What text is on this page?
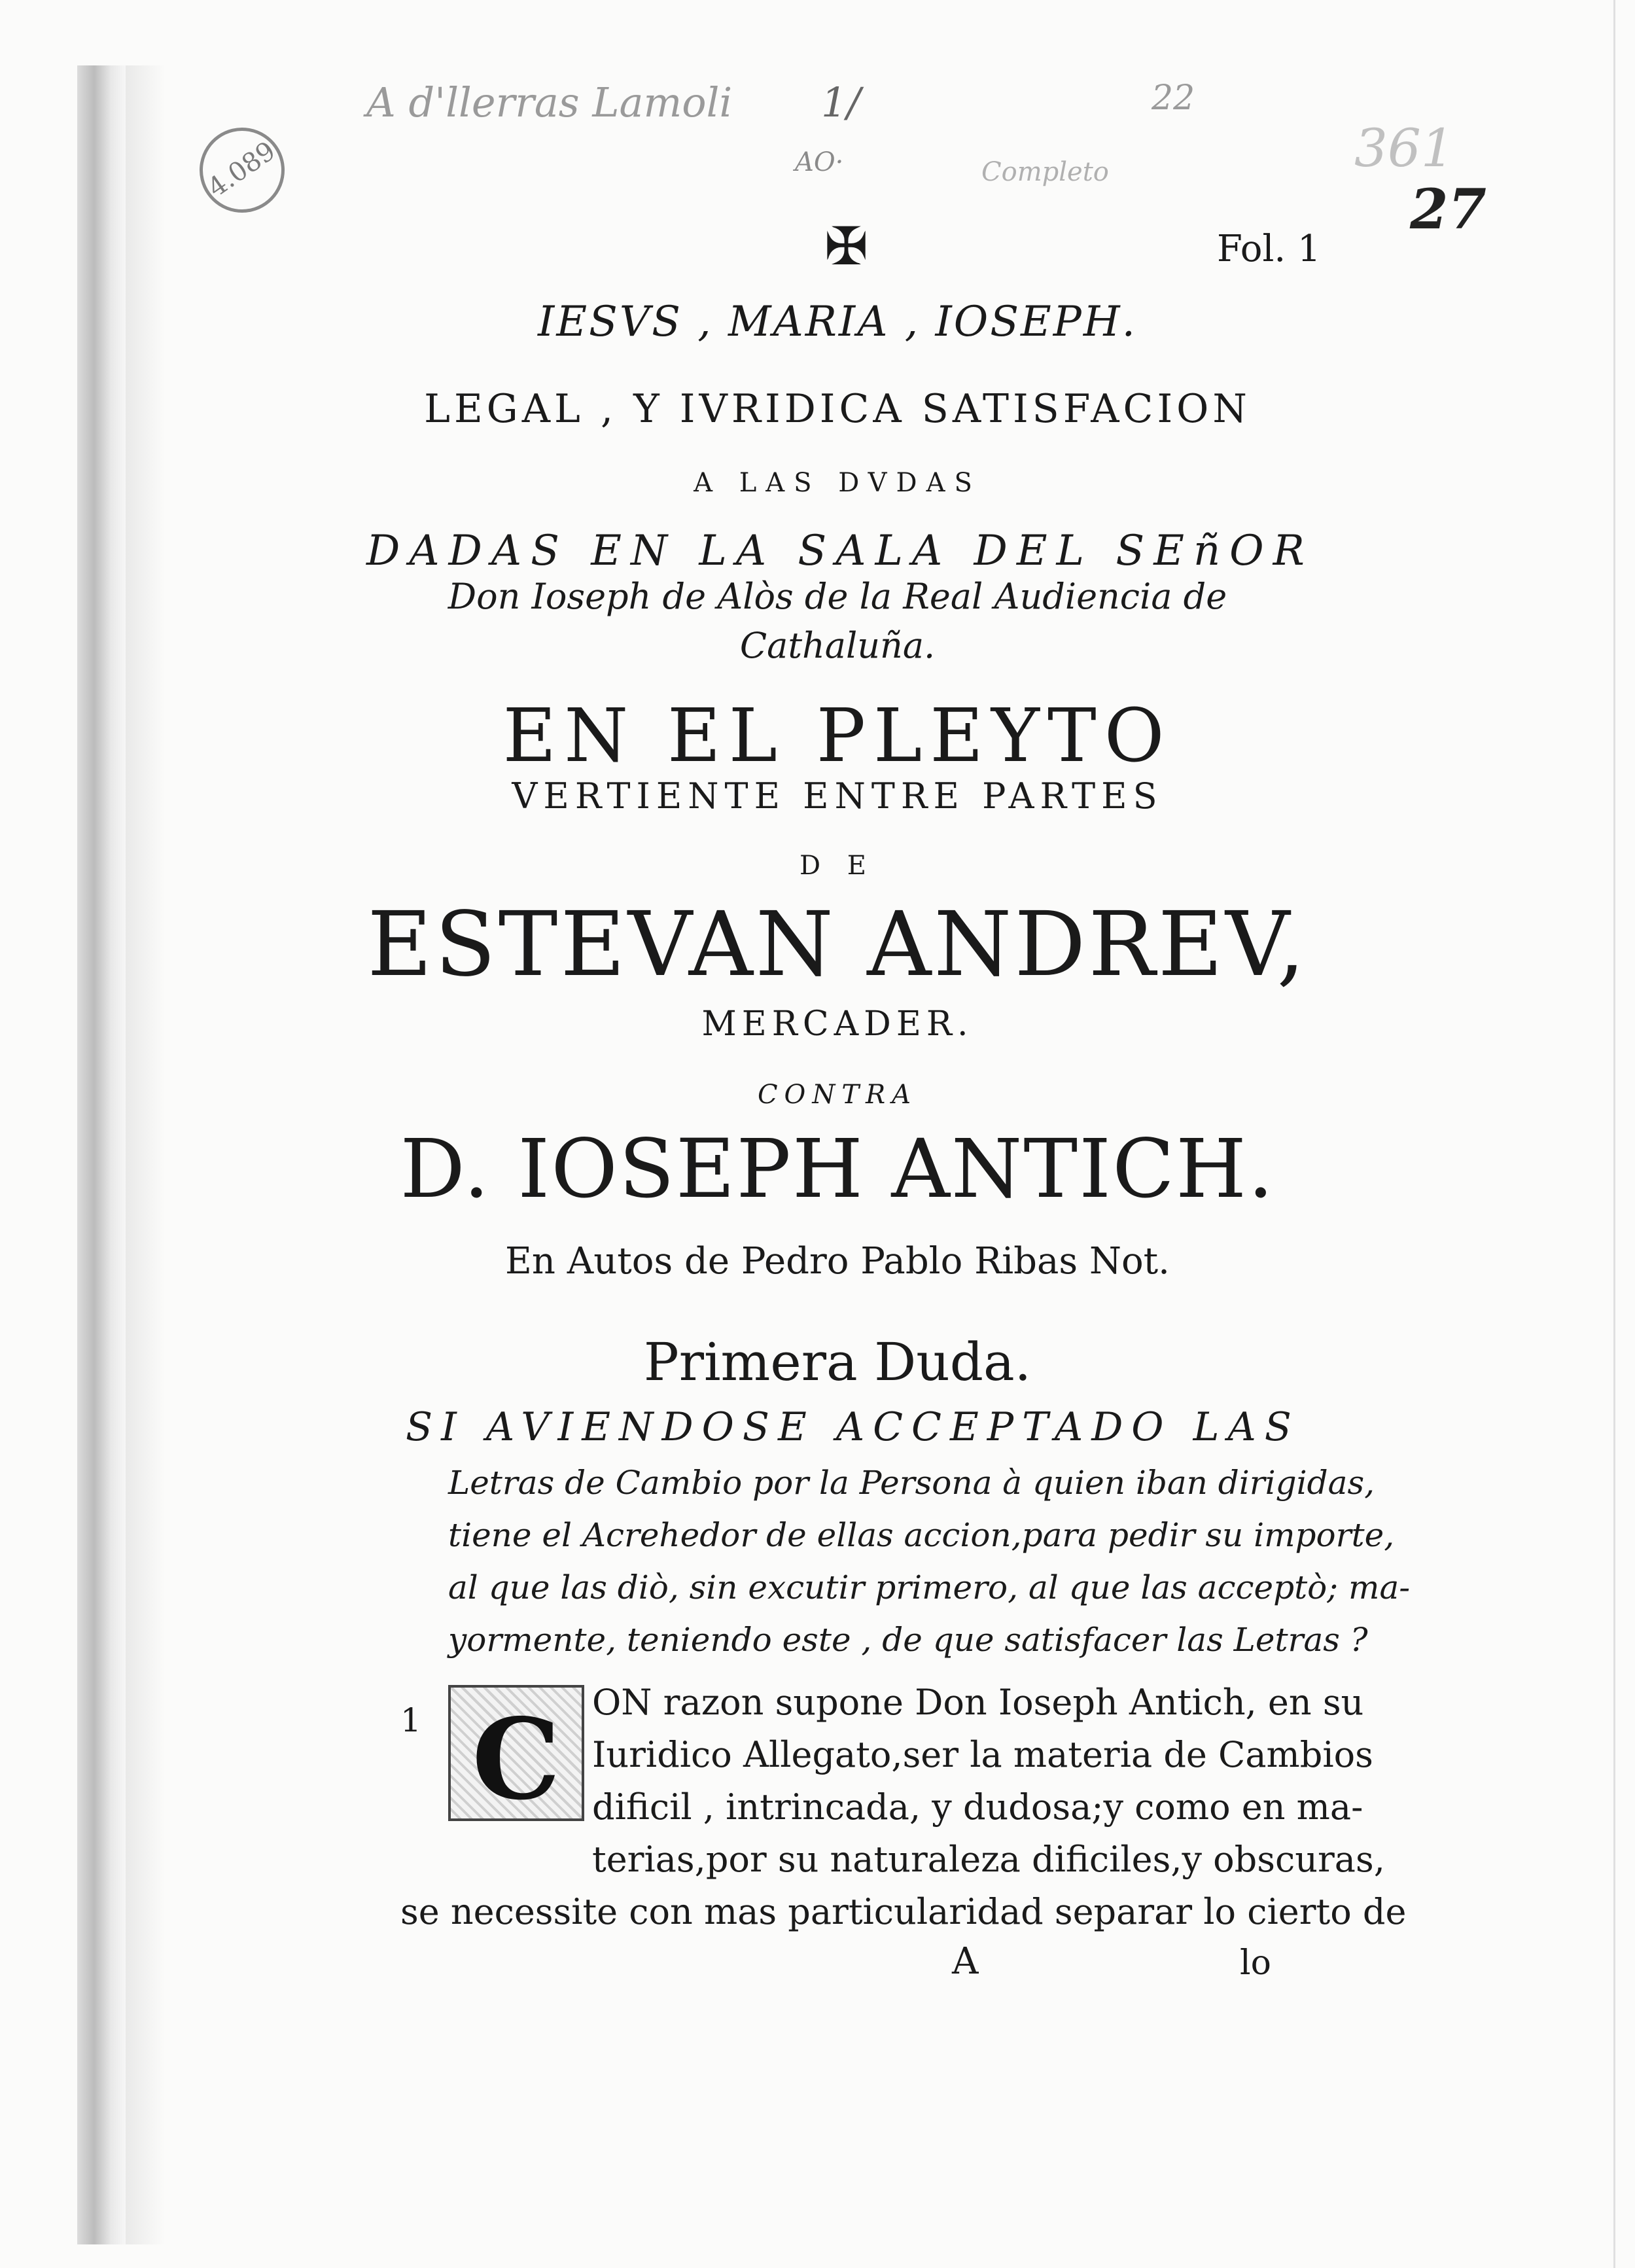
A d'llerras Lamoli 1/	22
AO·	Completo	361
27
4.089
✠	Fol. 1
IESVS , MARIA , IOSEPH.
LEGAL , Y IVRIDICA SATISFACION
A LAS DVDAS
DADAS EN LA SALA DEL SEñOR
Don Ioseph de Alòs de la Real Audiencia de
Cathaluña.
EN EL PLEYTO
VERTIENTE ENTRE PARTES
D E
ESTEVAN ANDREV,
MERCADER.
CONTRA
D. IOSEPH ANTICH.
En Autos de Pedro Pablo Ribas Not.
Primera Duda.
SI AVIENDOSE ACCEPTADO LAS
Letras de Cambio por la Persona à quien iban dirigidas,
tiene el Acrehedor de ellas accion,para pedir su importe,
al que las diò, sin excutir primero, al que las acceptò; ma-
yormente, teniendo este , de que satisfacer las Letras ?
1 C ON razon supone Don Ioseph Antich, en su
Iuridico Allegato,ser la materia de Cambios
dificil , intrincada, y dudosa;y como en ma-
terias,por su naturaleza dificiles,y obscuras,
se necessite con mas particularidad separar lo cierto de
A	lo
